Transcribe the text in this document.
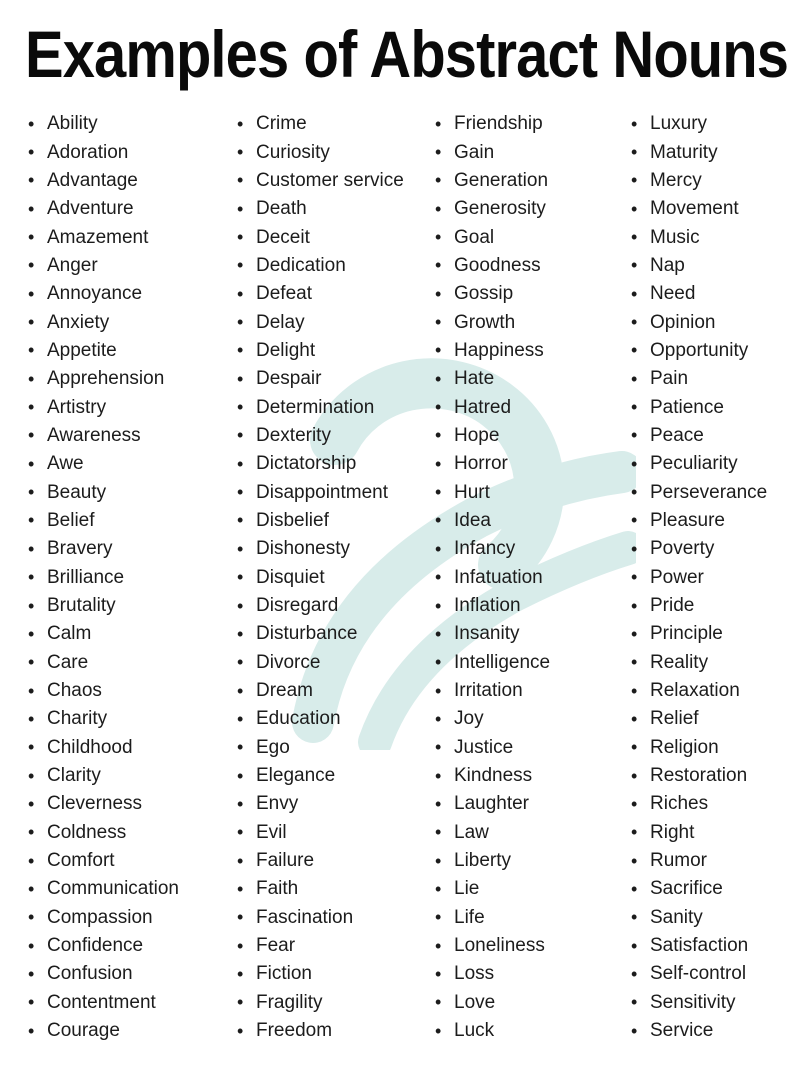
Examples of Abstract Nouns
• Ability
• Adoration
• Advantage
• Adventure
• Amazement
• Anger
• Annoyance
• Anxiety
• Appetite
• Apprehension
• Artistry
• Awareness
• Awe
• Beauty
• Belief
• Bravery
• Brilliance
• Brutality
• Calm
• Care
• Chaos
• Charity
• Childhood
• Clarity
• Cleverness
• Coldness
• Comfort
• Communication
• Compassion
• Confidence
• Confusion
• Contentment
• Courage
• Crime
• Curiosity
• Customer service
• Death
• Deceit
• Dedication
• Defeat
• Delay
• Delight
• Despair
• Determination
• Dexterity
• Dictatorship
• Disappointment
• Disbelief
• Dishonesty
• Disquiet
• Disregard
• Disturbance
• Divorce
• Dream
• Education
• Ego
• Elegance
• Envy
• Evil
• Failure
• Faith
• Fascination
• Fear
• Fiction
• Fragility
• Freedom
• Friendship
• Gain
• Generation
• Generosity
• Goal
• Goodness
• Gossip
• Growth
• Happiness
• Hate
• Hatred
• Hope
• Horror
• Hurt
• Idea
• Infancy
• Infatuation
• Inflation
• Insanity
• Intelligence
• Irritation
• Joy
• Justice
• Kindness
• Laughter
• Law
• Liberty
• Lie
• Life
• Loneliness
• Loss
• Love
• Luck
• Luxury
• Maturity
• Mercy
• Movement
• Music
• Nap
• Need
• Opinion
• Opportunity
• Pain
• Patience
• Peace
• Peculiarity
• Perseverance
• Pleasure
• Poverty
• Power
• Pride
• Principle
• Reality
• Relaxation
• Relief
• Religion
• Restoration
• Riches
• Right
• Rumor
• Sacrifice
• Sanity
• Satisfaction
• Self-control
• Sensitivity
• Service
